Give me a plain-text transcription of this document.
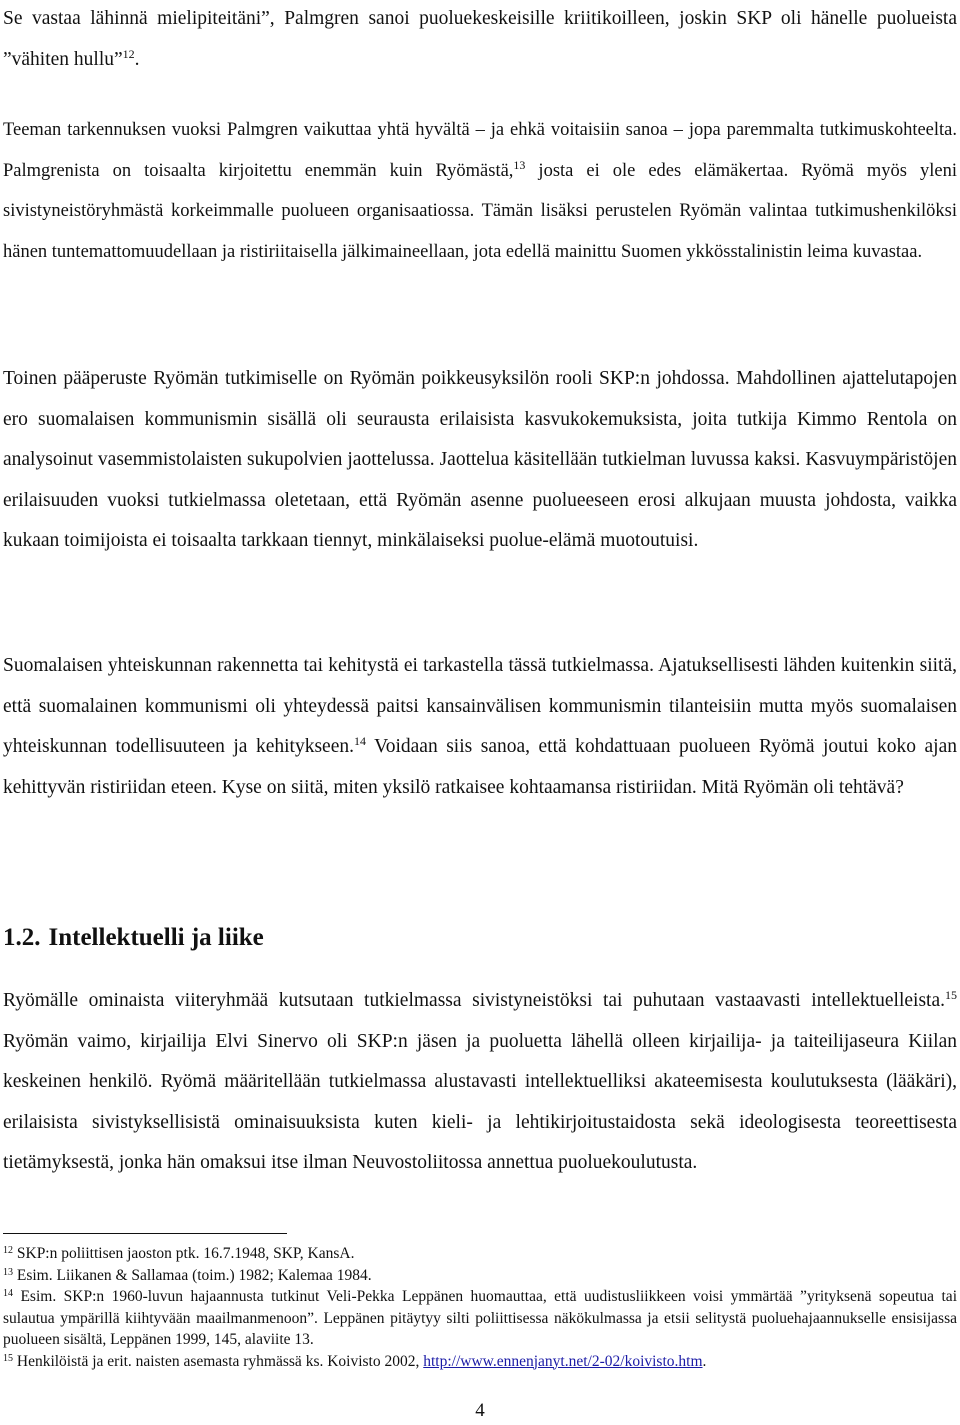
Se vastaa lähinnä mielipiteitäni”, Palmgren sanoi puoluekeskeisille kriitikoilleen, joskin SKP oli hänelle puolueista ”vähiten hullu”$^{12}$.

Teeman tarkennuksen vuoksi Palmgren vaikuttaa yhtä hyvältä – ja ehkä voitaisiin sanoa – jopa paremmalta tutkimuskohteelta. Palmgrenista on toisaalta kirjoitettu enemmän kuin Ryömästä,$^{13}$ josta ei ole edes elämäkertaa. Ryömä myös yleni sivistyneistöryhmästä korkeimmalle puolueen organisaatiossa. Tämän lisäksi perustelen Ryömän valintaa tutkimushenkilöksi hänen tuntemattomuudellaan ja ristiriitaisella jälkimaineellaan, jota edellä mainittu Suomen ykkösstalinistin leima kuvastaa.

Toinen pääperuste Ryömän tutkimiselle on Ryömän poikkeusyksilön rooli SKP:n johdossa. Mahdollinen ajattelutapojen ero suomalaisen kommunismin sisällä oli seurausta erilaisista kasvukokemuksista, joita tutkija Kimmo Rentola on analysoinut vasemmistolaisten sukupolvien jaottelussa. Jaottelua käsitellään tutkielman luvussa kaksi. Kasvuympäristöjen erilaisuuden vuoksi tutkielmassa oletetaan, että Ryömän asenne puolueeseen erosi alkujaan muusta johdosta, vaikka kukaan toimijoista ei toisaalta tarkkaan tiennyt, minkälaiseksi puolue-elämä muotoutuisi.

Suomalaisen yhteiskunnan rakennetta tai kehitystä ei tarkastella tässä tutkielmassa. Ajatuksellisesti lähden kuitenkin siitä, että suomalainen kommunismi oli yhteydessä paitsi kansainvälisen kommunismin tilanteisiin mutta myös suomalaisen yhteiskunnan todellisuuteen ja kehitykseen.$^{14}$ Voidaan siis sanoa, että kohdattuaan puolueen Ryömä joutui koko ajan kehittyvän ristiriidan eteen. Kyse on siitä, miten yksilö ratkaisee kohtaamansa ristiriidan. Mitä Ryömän oli tehtävä?

1.2. Intellektuelli ja liike

Ryömälle ominaista viiteryhmää kutsutaan tutkielmassa sivistyneistöksi tai puhutaan vastaavasti intellektuelleista.$^{15}$ Ryömän vaimo, kirjailija Elvi Sinervo oli SKP:n jäsen ja puoluetta lähellä olleen kirjailija- ja taiteilijaseura Kiilan keskeinen henkilö. Ryömä määritellään tutkielmassa alustavasti intellektuelliksi akateemisesta koulutuksesta (lääkäri), erilaisista sivistyksellisistä ominaisuuksista kuten kieli- ja lehtikirjoitustaidosta sekä ideologisesta teoreettisesta tietämyksestä, jonka hän omaksui itse ilman Neuvostoliitossa annettua puoluekoulutusta.

$^{12}$ SKP:n poliittisen jaoston ptk. 16.7.1948, SKP, KansA.

$^{13}$ Esim. Liikanen & Sallamaa (toim.) 1982; Kalemaa 1984.

$^{14}$ Esim. SKP:n 1960-luvun hajaannusta tutkinut Veli-Pekka Leppänen huomauttaa, että uudistusliikkeen voisi ymmärtää ”yrityksenä sopeutua tai sulautua ympärillä kiihtyvään maailmanmenoon”. Leppänen pitäytyy silti poliittisessa näkökulmassa ja etsii selitystä puoluehajaannukselle ensisijassa puolueen sisältä, Leppänen 1999, 145, alaviite 13.

$^{15}$ Henkilöistä ja erit. naisten asemasta ryhmässä ks. Koivisto 2002, http://www.ennenjanyt.net/2-02/koivisto.htm.

4
